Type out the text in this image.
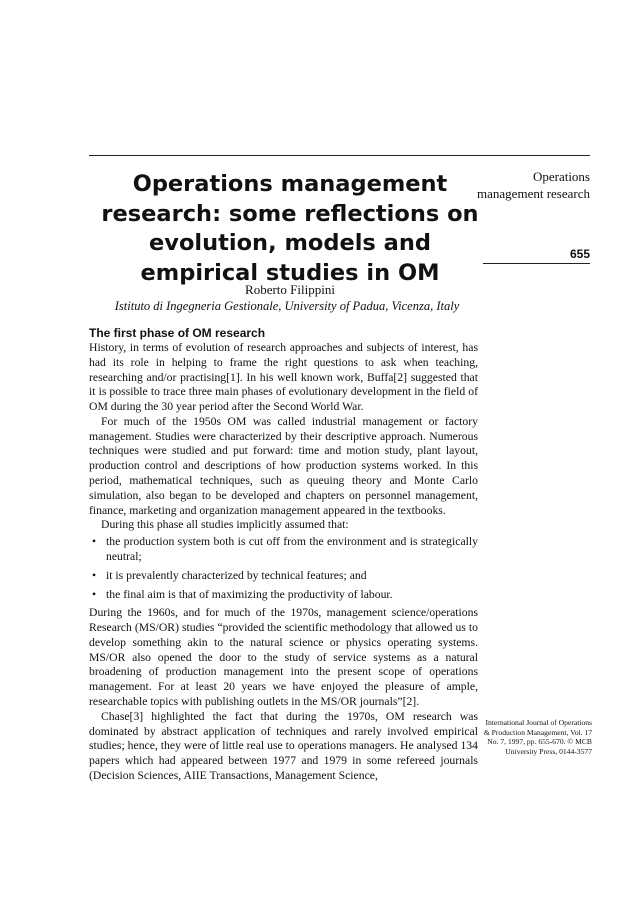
Operations management research
655
Operations management research: some reflections on evolution, models and empirical studies in OM
Roberto Filippini
Istituto di Ingegneria Gestionale, University of Padua, Vicenza, Italy
The first phase of OM research

History, in terms of evolution of research approaches and subjects of interest, has had its role in helping to frame the right questions to ask when teaching, researching and/or practising[1]. In his well known work, Buffa[2] suggested that it is possible to trace three main phases of evolutionary development in the field of OM during the 30 year period after the Second World War.

For much of the 1950s OM was called industrial management or factory management. Studies were characterized by their descriptive approach. Numerous techniques were studied and put forward: time and motion study, plant layout, production control and descriptions of how production systems worked. In this period, mathematical techniques, such as queuing theory and Monte Carlo simulation, also began to be developed and chapters on personnel management, finance, marketing and organization management appeared in the textbooks.

During this phase all studies implicitly assumed that:

• the production system both is cut off from the environment and is strategically neutral;
• it is prevalently characterized by technical features; and
• the final aim is that of maximizing the productivity of labour.

During the 1960s, and for much of the 1970s, management science/operations Research (MS/OR) studies “provided the scientific methodology that allowed us to develop something akin to the natural science or physics operating systems. MS/OR also opened the door to the study of service systems as a natural broadening of production management into the present scope of operations management. For at least 20 years we have enjoyed the pleasure of ample, researchable topics with publishing outlets in the MS/OR journals”[2].

Chase[3] highlighted the fact that during the 1970s, OM research was dominated by abstract application of techniques and rarely involved empirical studies; hence, they were of little real use to operations managers. He analysed 134 papers which had appeared between 1977 and 1979 in some refereed journals (Decision Sciences, AIIE Transactions, Management Science,

International Journal of Operations & Production Management, Vol. 17 No. 7, 1997, pp. 655-670. © MCB University Press, 0144-3577
